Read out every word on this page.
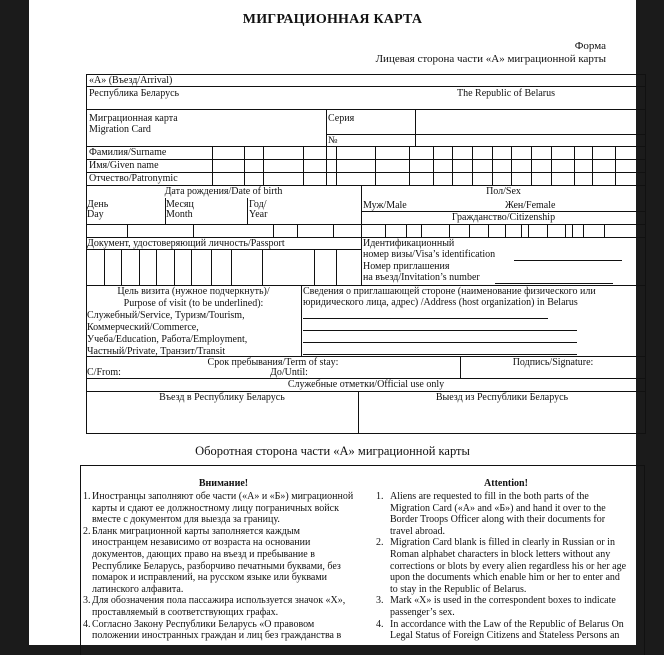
МИГРАЦИОННАЯ КАРТА
Форма
Лицевая сторона части «А» миграционной карты
«А» (Въезд/Arrival)
Республика Беларусь	The Republic of Belarus
Миграционная карта
Migration Card
Серия
№
Фамилия/Surname
Имя/Given name
Отчество/Patronymic
Дата рождения/Date of birth
День
Day
Месяц
Month
Год/
Year
Пол/Sex
Муж/Male	Жен/Female
Гражданство/Citizenship
Документ, удостоверяющий личность/Passport	Идентификационный
номер визы/Visa’s identification
Номер приглашения
на въезд/Invitation’s number
Цель визита (нужное подчеркнуть)/
Purpose of visit (to be underlined):
Служебный/Service, Туризм/Tourism,
Коммерческий/Commerce,
Учеба/Education, Работа/Employment,
Частный/Private, Транзит/Transit
Сведения о приглашающей стороне (наименование физического или
юридического лица, адрес) /Address (host organization) in Belarus
Срок пребывания/Term of stay:
С/From:	До/Until:
Подпись/Signature:
Служебные отметки/Official use only
Въезд в Республику Беларусь	Выезд из Республики Беларусь
Оборотная сторона части «А» миграционной карты
Внимание!	Attention!
1. Иностранцы заполняют обе части («А» и «Б») миграционной
карты и сдают ее должностному лицу пограничных войск
вместе с документом для выезда за границу.
2. Бланк миграционной карты заполняется каждым
иностранцем независимо от возраста на основании
документов, дающих право на въезд и пребывание в
Республике Беларусь, разборчиво печатными буквами, без
помарок и исправлений, на русском языке или буквами
латинского алфавита.
3. Для обозначения пола пассажира используется значок «Х»,
проставляемый в соответствующих графах.
4. Согласно Закону Республики Беларусь «О правовом
положении иностранных граждан и лиц без гражданства в
1. Aliens are requested to fill in the both parts of the
Migration Card («А» and «Б») and hand it over to the
Border Troops Officer along with their documents for
travel abroad.
2. Migration Card blank is filled in clearly in Russian or in
Roman alphabet characters in block letters without any
corrections or blots by every alien regardless his or her age
upon the documents which enable him or her to enter and
to stay in the Republic of Belarus.
3. Mark «X» is used in the correspondent boxes to indicate
passenger’s sex.
4. In accordance with the Law of the Republic of Belarus On
Legal Status of Foreign Citizens and Stateless Persons an
